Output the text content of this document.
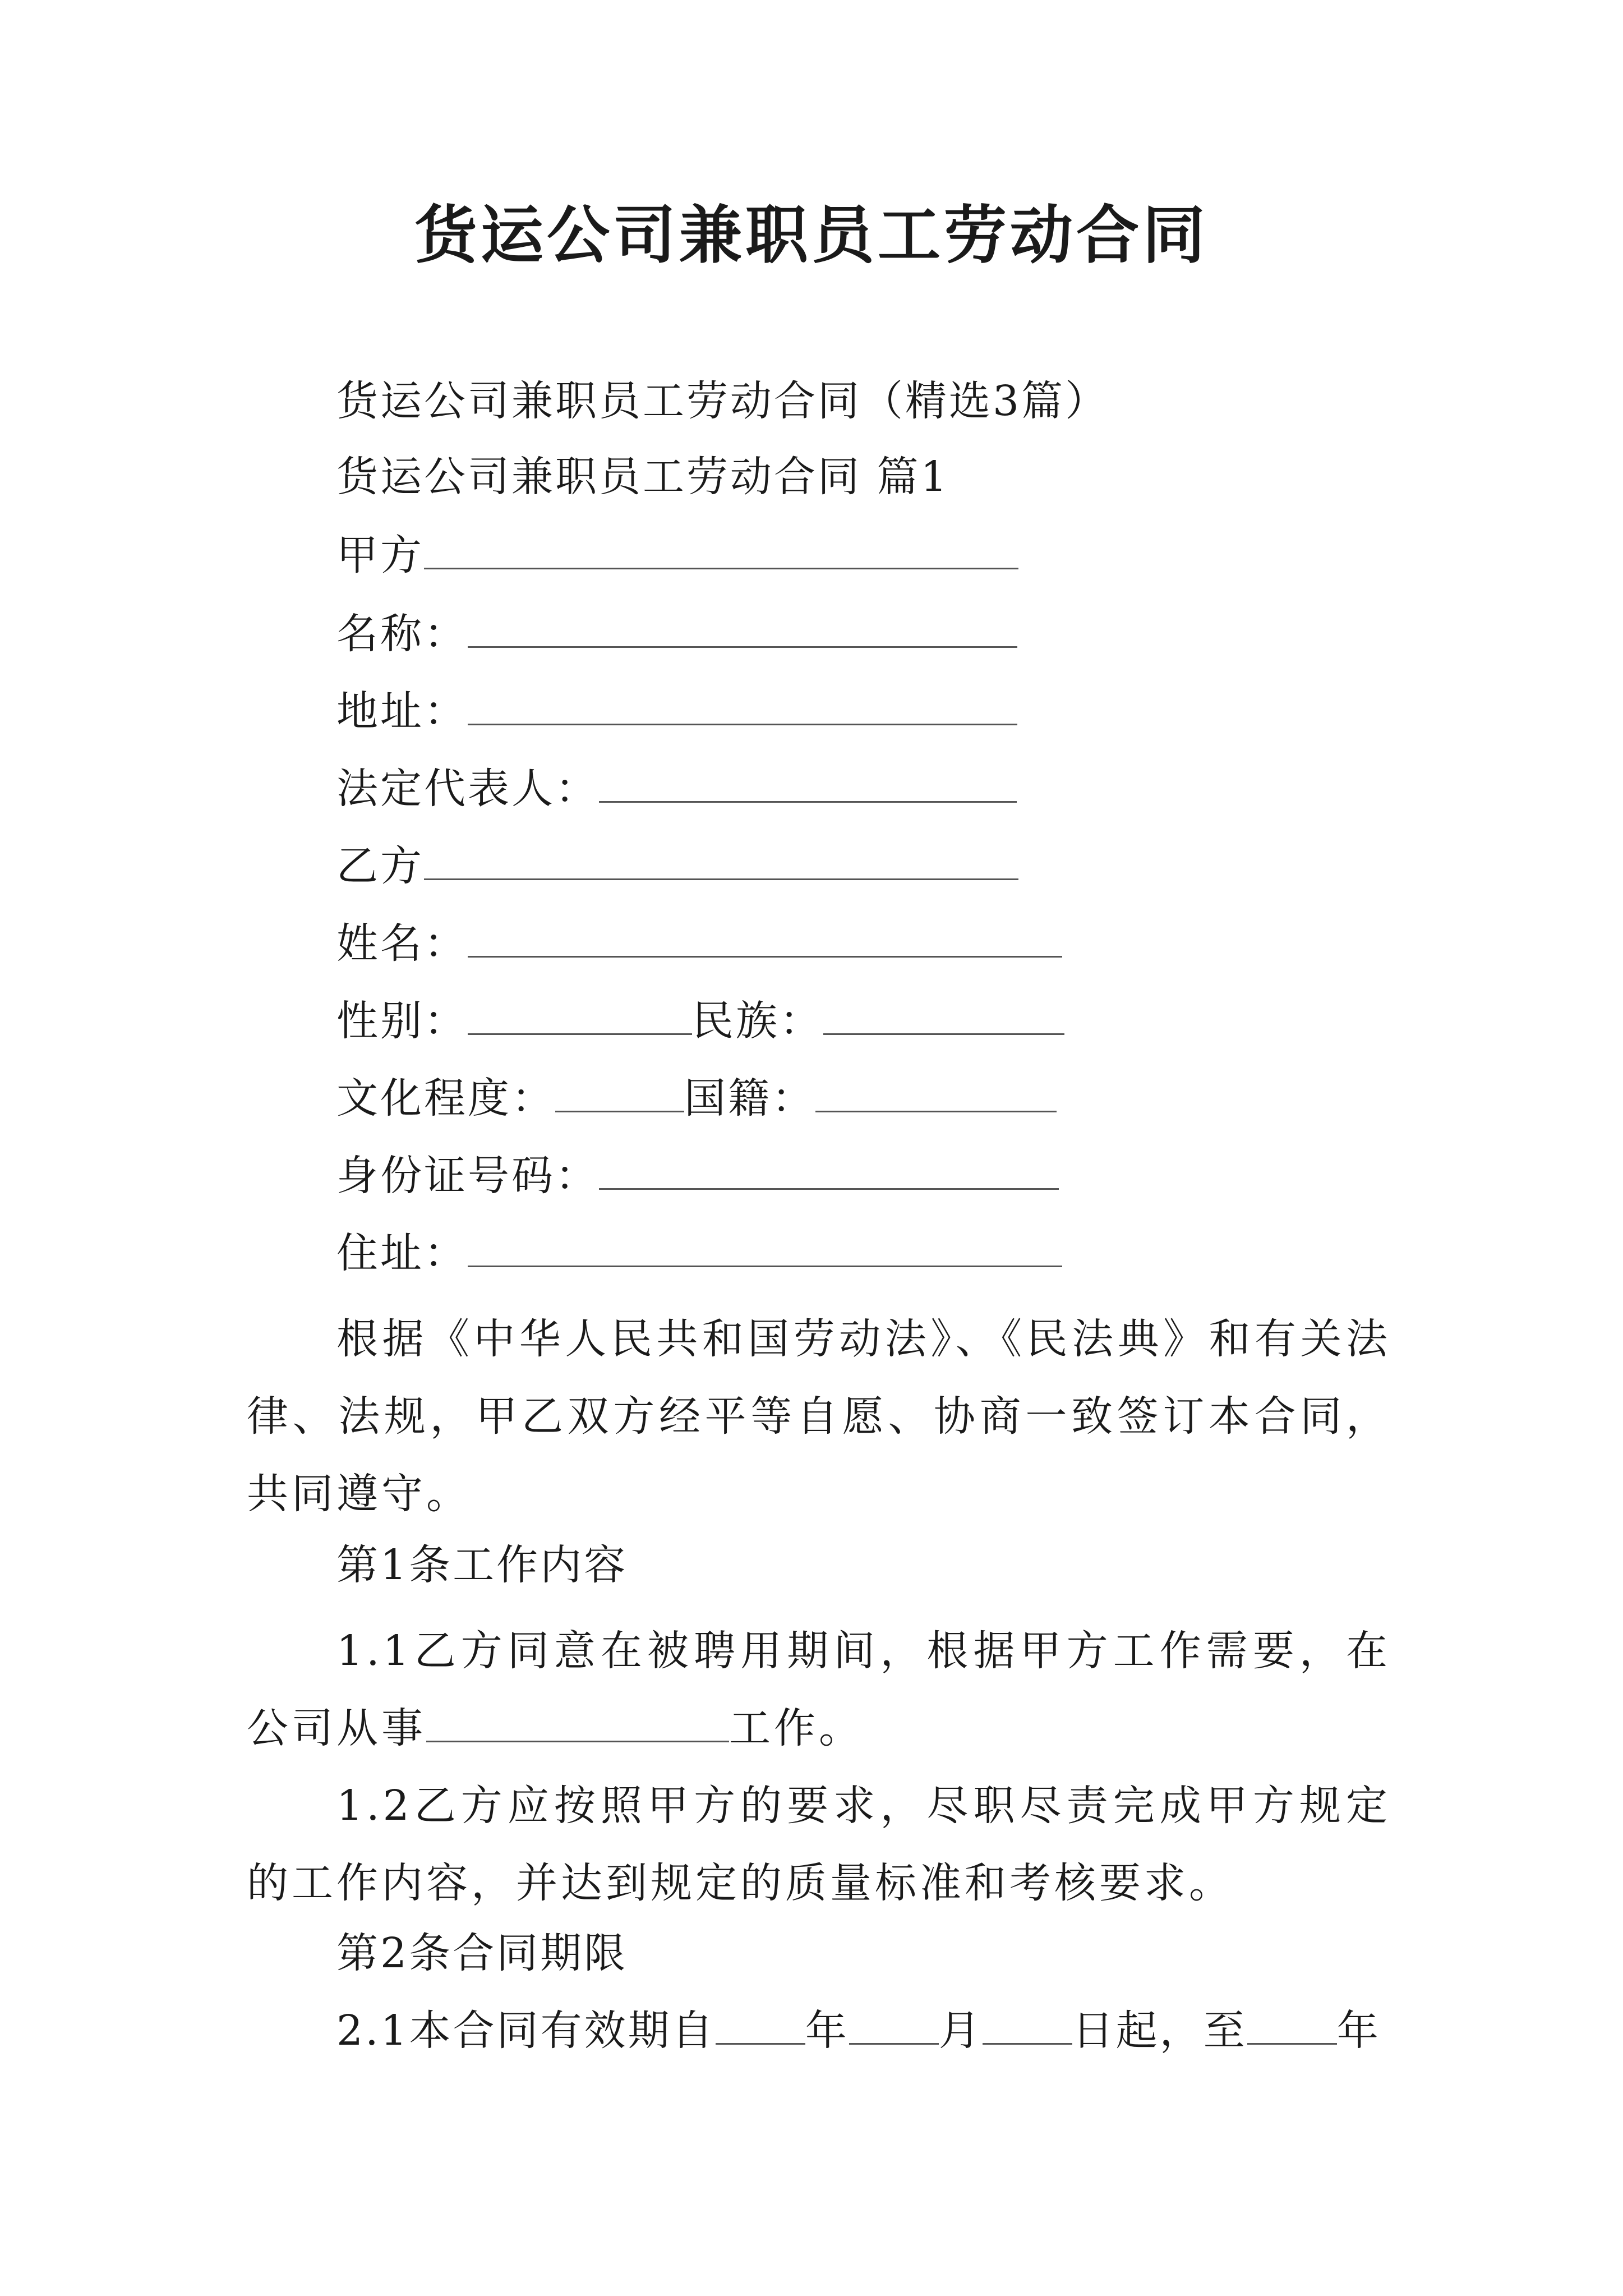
货运公司兼职员工劳动合同
货运公司兼职员工劳动合同（精选3篇）
货运公司兼职员工劳动合同 篇1
甲方
名称：
地址：
法定代表人：
乙方
姓名：
性别：	民族：
文化程度：	国籍：
身份证号码：
住址：
根据《中华人民共和国劳动法》、《民法典》和有关法律、法规，甲乙双方经平等自愿、协商一致签订本合同，共同遵守。
第1条工作内容
1.1乙方同意在被聘用期间，根据甲方工作需要，在公司从事	工作。
1.2乙方应按照甲方的要求，尽职尽责完成甲方规定的工作内容，并达到规定的质量标准和考核要求。
第2条合同期限
2.1本合同有效期自 年 月 日起，至 年
